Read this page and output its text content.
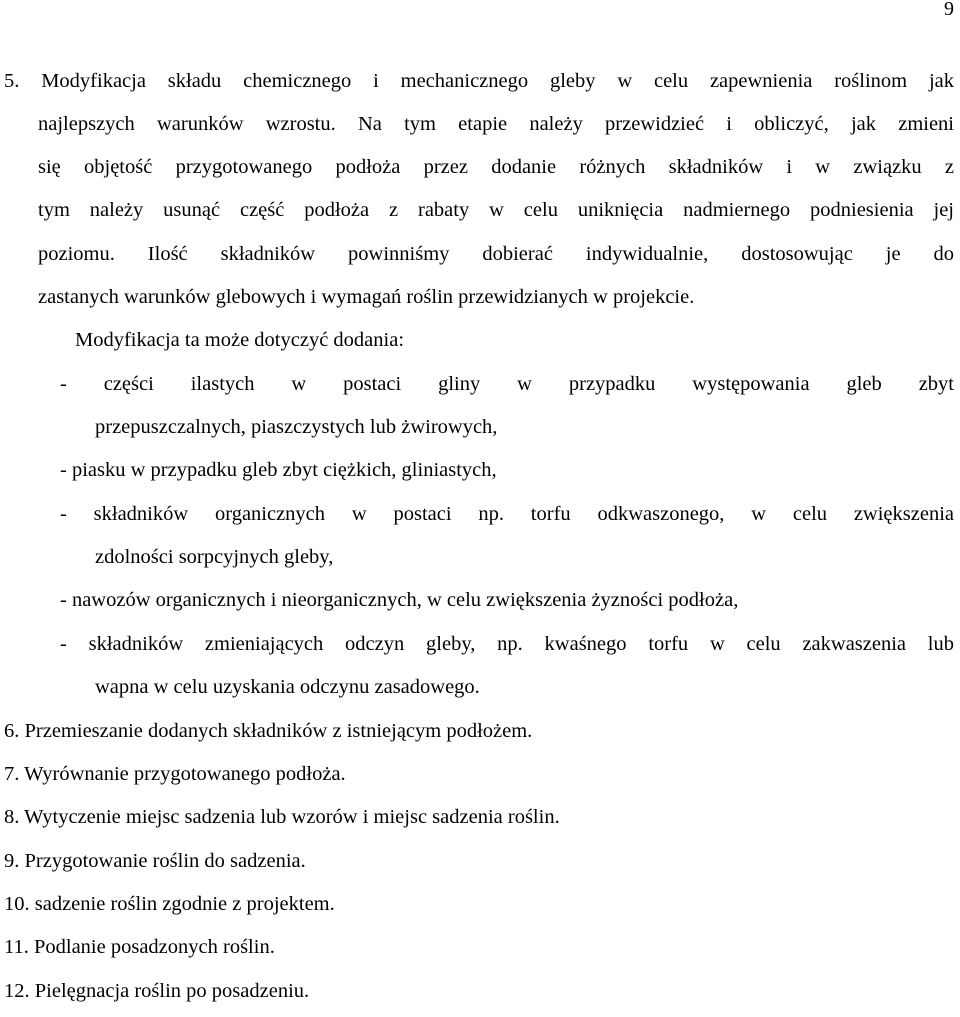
9
5. Modyfikacja składu chemicznego i mechanicznego gleby w celu zapewnienia roślinom jak
najlepszych warunków wzrostu. Na tym etapie należy przewidzieć i obliczyć, jak zmieni
się objętość przygotowanego podłoża przez dodanie różnych składników i w związku z
tym należy usunąć część podłoża z rabaty w celu uniknięcia nadmiernego podniesienia jej
poziomu. Ilość składników powinniśmy dobierać indywidualnie, dostosowując je do
zastanych warunków glebowych i wymagań roślin przewidzianych w projekcie.
Modyfikacja ta może dotyczyć dodania:
- części ilastych w postaci gliny w przypadku występowania gleb zbyt
przepuszczalnych, piaszczystych lub żwirowych,
- piasku w przypadku gleb zbyt ciężkich, gliniastych,
- składników organicznych w postaci np. torfu odkwaszonego, w celu zwiększenia
zdolności sorpcyjnych gleby,
- nawozów organicznych i nieorganicznych, w celu zwiększenia żyzności podłoża,
- składników zmieniających odczyn gleby, np. kwaśnego torfu w celu zakwaszenia lub
wapna w celu uzyskania odczynu zasadowego.
6. Przemieszanie dodanych składników z istniejącym podłożem.
7. Wyrównanie przygotowanego podłoża.
8. Wytyczenie miejsc sadzenia lub wzorów i miejsc sadzenia roślin.
9. Przygotowanie roślin do sadzenia.
10. sadzenie roślin zgodnie z projektem.
11. Podlanie posadzonych roślin.
12. Pielęgnacja roślin po posadzeniu.
